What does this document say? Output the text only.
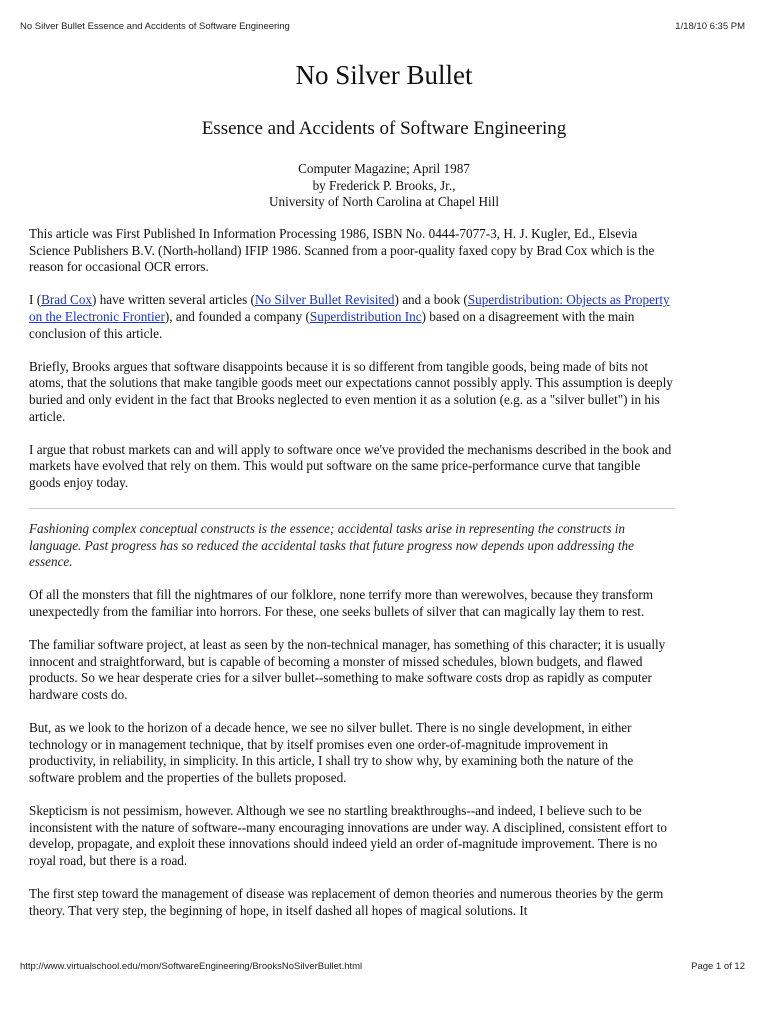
No Silver Bullet Essence and Accidents of Software Engineering	1/18/10 6:35 PM
No Silver Bullet
Essence and Accidents of Software Engineering
Computer Magazine; April 1987
by Frederick P. Brooks, Jr.,
University of North Carolina at Chapel Hill

This article was First Published In Information Processing 1986, ISBN No. 0444-7077-3, H. J. Kugler, Ed., Elsevia Science Publishers B.V. (North-holland) IFIP 1986. Scanned from a poor-quality faxed copy by Brad Cox which is the reason for occasional OCR errors.

I (Brad Cox) have written several articles (No Silver Bullet Revisited) and a book (Superdistribution: Objects as Property on the Electronic Frontier), and founded a company (Superdistribution Inc) based on a disagreement with the main conclusion of this article.

Briefly, Brooks argues that software disappoints because it is so different from tangible goods, being made of bits not atoms, that the solutions that make tangible goods meet our expectations cannot possibly apply. This assumption is deeply buried and only evident in the fact that Brooks neglected to even mention it as a solution (e.g. as a "silver bullet") in his article.

I argue that robust markets can and will apply to software once we've provided the mechanisms described in the book and markets have evolved that rely on them. This would put software on the same price-performance curve that tangible goods enjoy today.

Fashioning complex conceptual constructs is the essence; accidental tasks arise in representing the constructs in language. Past progress has so reduced the accidental tasks that future progress now depends upon addressing the essence.

Of all the monsters that fill the nightmares of our folklore, none terrify more than werewolves, because they transform unexpectedly from the familiar into horrors. For these, one seeks bullets of silver that can magically lay them to rest.

The familiar software project, at least as seen by the non-technical manager, has something of this character; it is usually innocent and straightforward, but is capable of becoming a monster of missed schedules, blown budgets, and flawed products. So we hear desperate cries for a silver bullet--something to make software costs drop as rapidly as computer hardware costs do.

But, as we look to the horizon of a decade hence, we see no silver bullet. There is no single development, in either technology or in management technique, that by itself promises even one order-of-magnitude improvement in productivity, in reliability, in simplicity. In this article, I shall try to show why, by examining both the nature of the software problem and the properties of the bullets proposed.

Skepticism is not pessimism, however. Although we see no startling breakthroughs--and indeed, I believe such to be inconsistent with the nature of software--many encouraging innovations are under way. A disciplined, consistent effort to develop, propagate, and exploit these innovations should indeed yield an order of-magnitude improvement. There is no royal road, but there is a road.

The first step toward the management of disease was replacement of demon theories and numerous theories by the germ theory. That very step, the beginning of hope, in itself dashed all hopes of magical solutions. It

http://www.virtualschool.edu/mon/SoftwareEngineering/BrooksNoSilverBullet.html	Page 1 of 12
